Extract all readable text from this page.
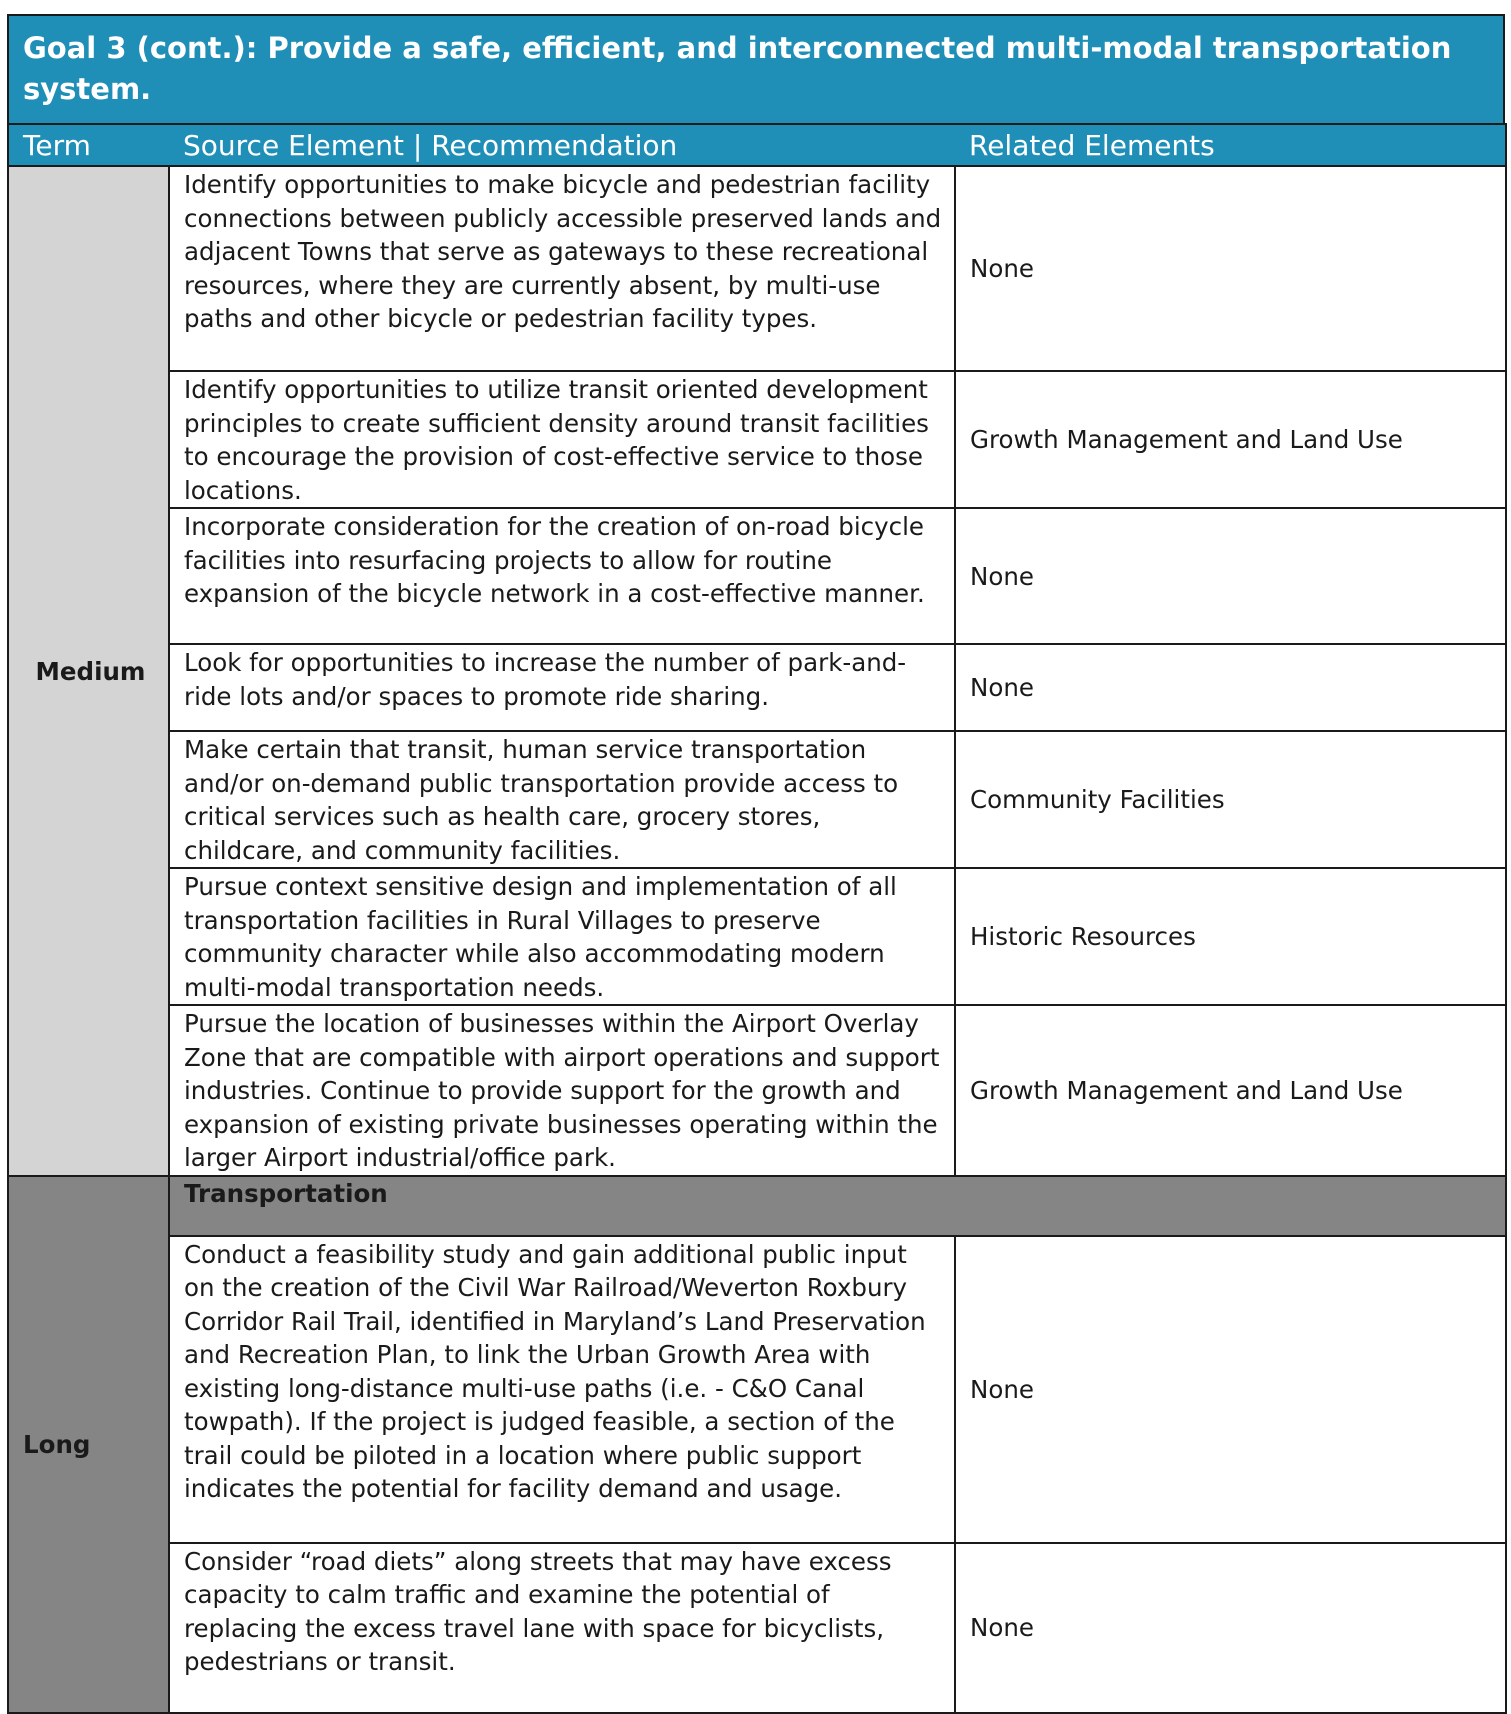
Goal 3 (cont.): Provide a safe, efficient, and interconnected multi-modal transportation system.
Term	Source Element | Recommendation	Related Elements
Medium	Identify opportunities to make bicycle and pedestrian facility connections between publicly accessible preserved lands and adjacent Towns that serve as gateways to these recreational resources, where they are currently absent, by multi-use paths and other bicycle or pedestrian facility types.	None
	Identify opportunities to utilize transit oriented development principles to create sufficient density around transit facilities to encourage the provision of cost-effective service to those locations.	Growth Management and Land Use
	Incorporate consideration for the creation of on-road bicycle facilities into resurfacing projects to allow for routine expansion of the bicycle network in a cost-effective manner.	None
	Look for opportunities to increase the number of park-and-ride lots and/or spaces to promote ride sharing.	None
	Make certain that transit, human service transportation and/or on-demand public transportation provide access to critical services such as health care, grocery stores, childcare, and community facilities.	Community Facilities
	Pursue context sensitive design and implementation of all transportation facilities in Rural Villages to preserve community character while also accommodating modern multi-modal transportation needs.	Historic Resources
	Pursue the location of businesses within the Airport Overlay Zone that are compatible with airport operations and support industries. Continue to provide support for the growth and expansion of existing private businesses operating within the larger Airport industrial/office park.	Growth Management and Land Use
Long	Transportation	
	Conduct a feasibility study and gain additional public input on the creation of the Civil War Railroad/Weverton Roxbury Corridor Rail Trail, identified in Maryland’s Land Preservation and Recreation Plan, to link the Urban Growth Area with existing long-distance multi-use paths (i.e. - C&O Canal towpath). If the project is judged feasible, a section of the trail could be piloted in a location where public support indicates the potential for facility demand and usage.	None
	Consider “road diets” along streets that may have excess capacity to calm traffic and examine the potential of replacing the excess travel lane with space for bicyclists, pedestrians or transit.	None
